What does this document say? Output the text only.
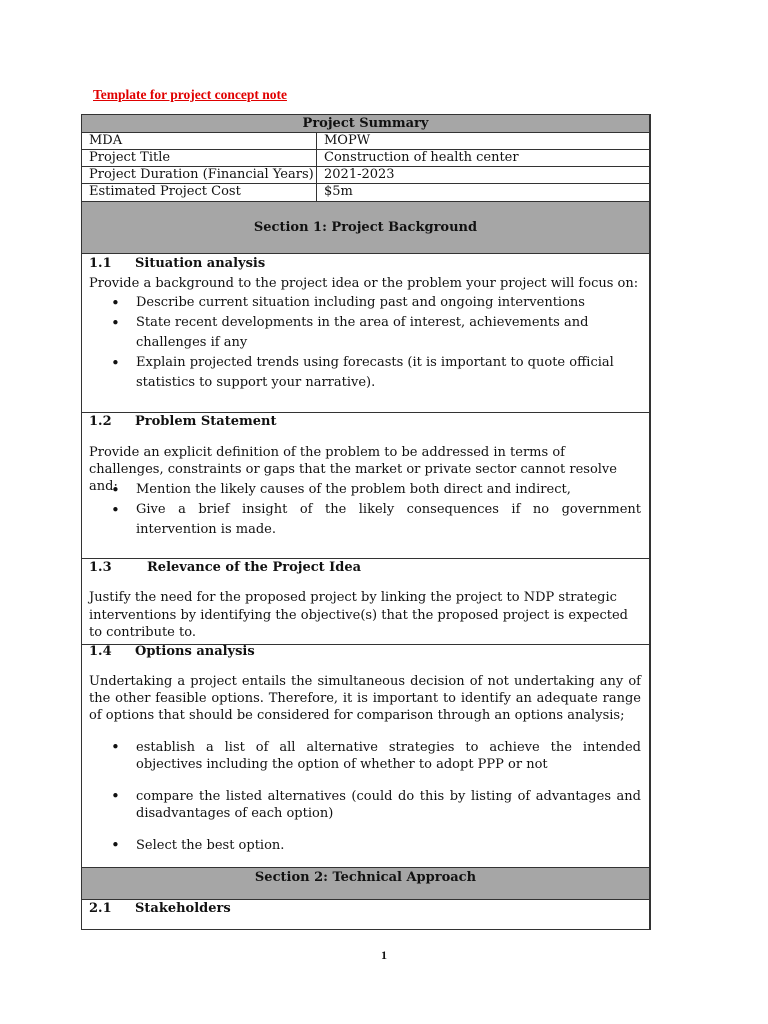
Template for project concept note
Project Summary
MDA	MOPW
Project Title	Construction of health center
Project Duration (Financial Years) 2021-2023
Estimated Project Cost	$5m
Section 1: Project Background
1.1 Situation analysis
Provide a background to the project idea or the problem your project will focus on:
• Describe current situation including past and ongoing interventions
• State recent developments in the area of interest, achievements and challenges if any
• Explain projected trends using forecasts (it is important to quote official statistics to support your narrative).
1.2 Problem Statement
Provide an explicit definition of the problem to be addressed in terms of challenges, constraints or gaps that the market or private sector cannot resolve and:
•	Mention the likely causes of the problem both direct and indirect,
• Give a brief insight of the likely consequences if no government intervention is made.
1.3	Relevance of the Project Idea
Justify the need for the proposed project by linking the project to NDP strategic interventions by identifying the objective(s) that the proposed project is expected to contribute to.
1.4 Options analysis
Undertaking a project entails the simultaneous decision of not undertaking any of the other feasible options. Therefore, it is important to identify an adequate range of options that should be considered for comparison through an options analysis;
• establish a list of all alternative strategies to achieve the intended objectives including the option of whether to adopt PPP or not
• compare the listed alternatives (could do this by listing of advantages and disadvantages of each option)
• Select the best option.
Section 2: Technical Approach
2.1 Stakeholders
1
